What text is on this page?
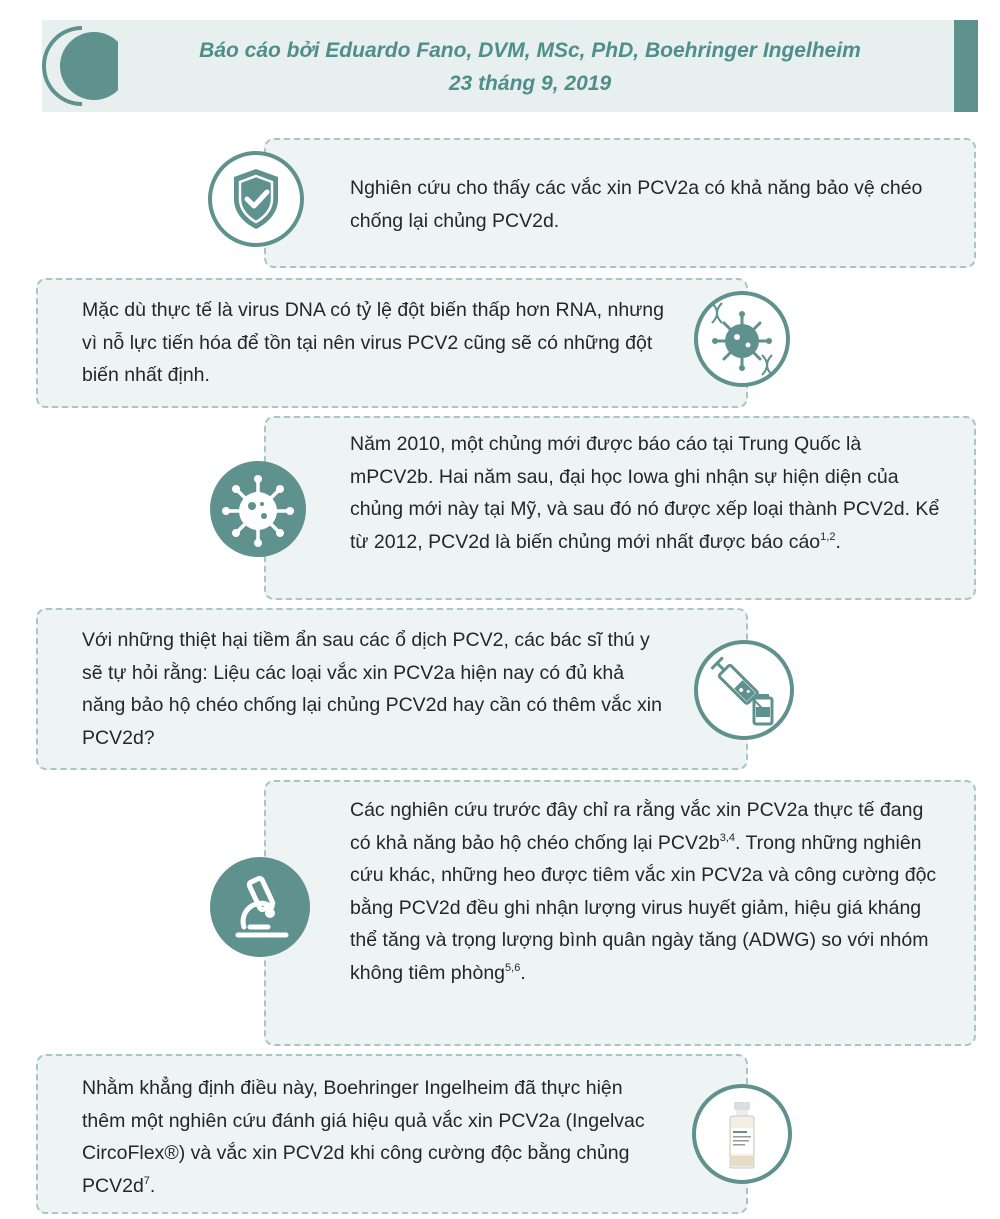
Báo cáo bởi Eduardo Fano, DVM, MSc, PhD, Boehringer Ingelheim
23 tháng 9, 2019

Nghiên cứu cho thấy các vắc xin PCV2a có khả năng bảo vệ chéo chống lại chủng PCV2d.

Mặc dù thực tế là virus DNA có tỷ lệ đột biến thấp hơn RNA, nhưng vì nỗ lực tiến hóa để tồn tại nên virus PCV2 cũng sẽ có những đột biến nhất định.

Năm 2010, một chủng mới được báo cáo tại Trung Quốc là mPCV2b. Hai năm sau, đại học Iowa ghi nhận sự hiện diện của chủng mới này tại Mỹ, và sau đó nó được xếp loại thành PCV2d. Kể từ 2012, PCV2d là biến chủng mới nhất được báo cáo$^{1,2}$.

Với những thiệt hại tiềm ẩn sau các ổ dịch PCV2, các bác sĩ thú y sẽ tự hỏi rằng: Liệu các loại vắc xin PCV2a hiện nay có đủ khả năng bảo hộ chéo chống lại chủng PCV2d hay cần có thêm vắc xin PCV2d?

Các nghiên cứu trước đây chỉ ra rằng vắc xin PCV2a thực tế đang có khả năng bảo hộ chéo chống lại $PCV2b^{3,4}$. Trong những nghiên cứu khác, những heo được tiêm vắc xin PCV2a và công cường độc bằng PCV2d đều ghi nhận lượng virus huyết giảm, hiệu giá kháng thể tăng và trọng lượng bình quân ngày tăng (ADWG) so với nhóm không tiêm phòng$^{5,6}$.

Nhằm khẳng định điều này, Boehringer Ingelheim đã thực hiện thêm một nghiên cứu đánh giá hiệu quả vắc xin PCV2a (Ingelvac CircoFlex®) và vắc xin PCV2d khi công cường độc bằng chủng $PCV2d^7$.
